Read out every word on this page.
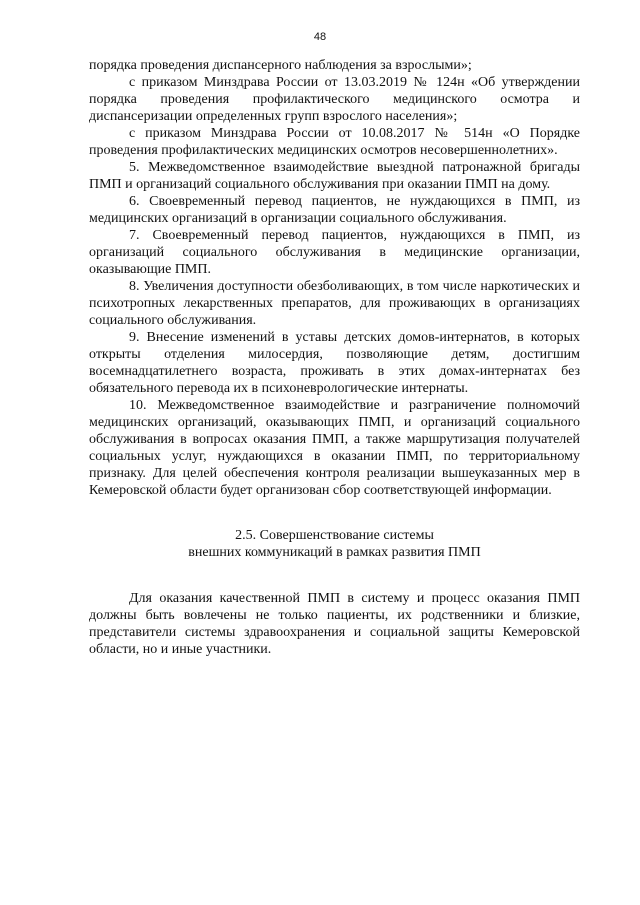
48

порядка проведения диспансерного наблюдения за взрослыми»;

с приказом Минздрава России от 13.03.2019 № 124н «Об утверждении порядка проведения профилактического медицинского осмотра и диспансеризации определенных групп взрослого населения»;

с приказом Минздрава России от 10.08.2017 № 514н «О Порядке проведения профилактических медицинских осмотров несовершеннолетних».

5. Межведомственное взаимодействие выездной патронажной бригады ПМП и организаций социального обслуживания при оказании ПМП на дому.

6. Своевременный перевод пациентов, не нуждающихся в ПМП, из медицинских организаций в организации социального обслуживания.

7. Своевременный перевод пациентов, нуждающихся в ПМП, из организаций социального обслуживания в медицинские организации, оказывающие ПМП.

8. Увеличения доступности обезболивающих, в том числе наркотических и психотропных лекарственных препаратов, для проживающих в организациях социального обслуживания.

9. Внесение изменений в уставы детских домов-интернатов, в которых открыты отделения милосердия, позволяющие детям, достигшим восемнадцатилетнего возраста, проживать в этих домах-интернатах без обязательного перевода их в психоневрологические интернаты.

10. Межведомственное взаимодействие и разграничение полномочий медицинских организаций, оказывающих ПМП, и организаций социального обслуживания в вопросах оказания ПМП, а также маршрутизация получателей социальных услуг, нуждающихся в оказании ПМП, по территориальному признаку. Для целей обеспечения контроля реализации вышеуказанных мер в Кемеровской области будет организован сбор соответствующей информации.

2.5. Совершенствование системы
внешних коммуникаций в рамках развития ПМП

Для оказания качественной ПМП в систему и процесс оказания ПМП должны быть вовлечены не только пациенты, их родственники и близкие, представители системы здравоохранения и социальной защиты Кемеровской области, но и иные участники.
